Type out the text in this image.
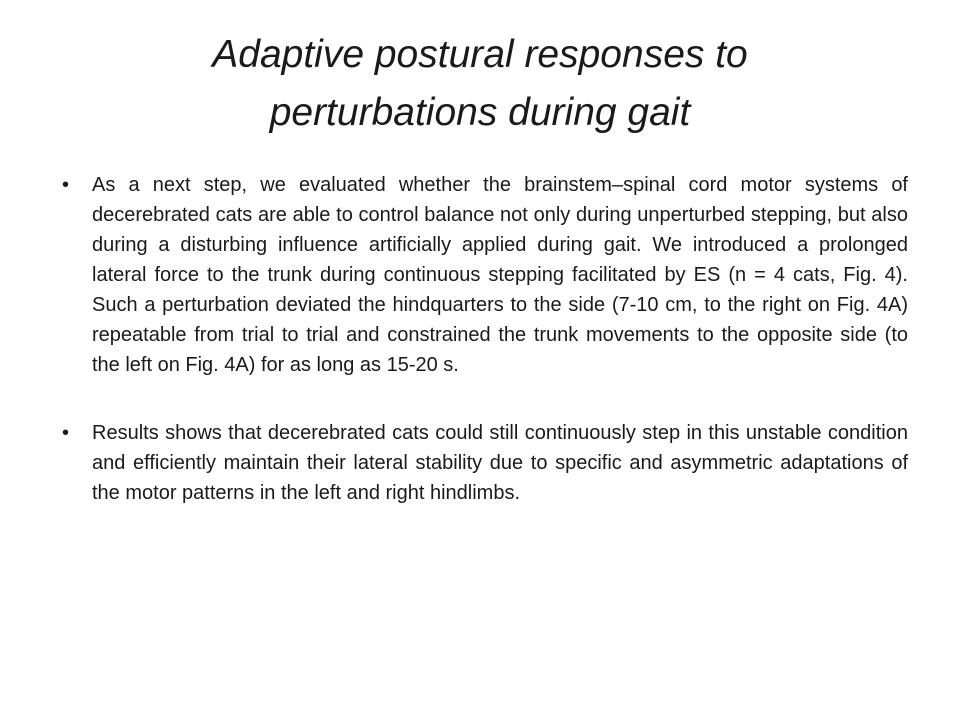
Adaptive postural responses to
perturbations during gait
•	As a next step, we evaluated whether the brainstem–spinal cord motor systems of decerebrated cats are able to control balance not only during unperturbed stepping, but also during a disturbing influence artificially applied during gait. We introduced a prolonged lateral force to the trunk during continuous stepping facilitated by ES (n = 4 cats, Fig. 4). Such a perturbation deviated the hindquarters to the side (7-10 cm, to the right on Fig. 4A) repeatable from trial to trial and constrained the trunk movements to the opposite side (to the left on Fig. 4A) for as long as 15-20 s.
•	Results shows that decerebrated cats could still continuously step in this unstable condition and efficiently maintain their lateral stability due to specific and asymmetric adaptations of the motor patterns in the left and right hindlimbs.
